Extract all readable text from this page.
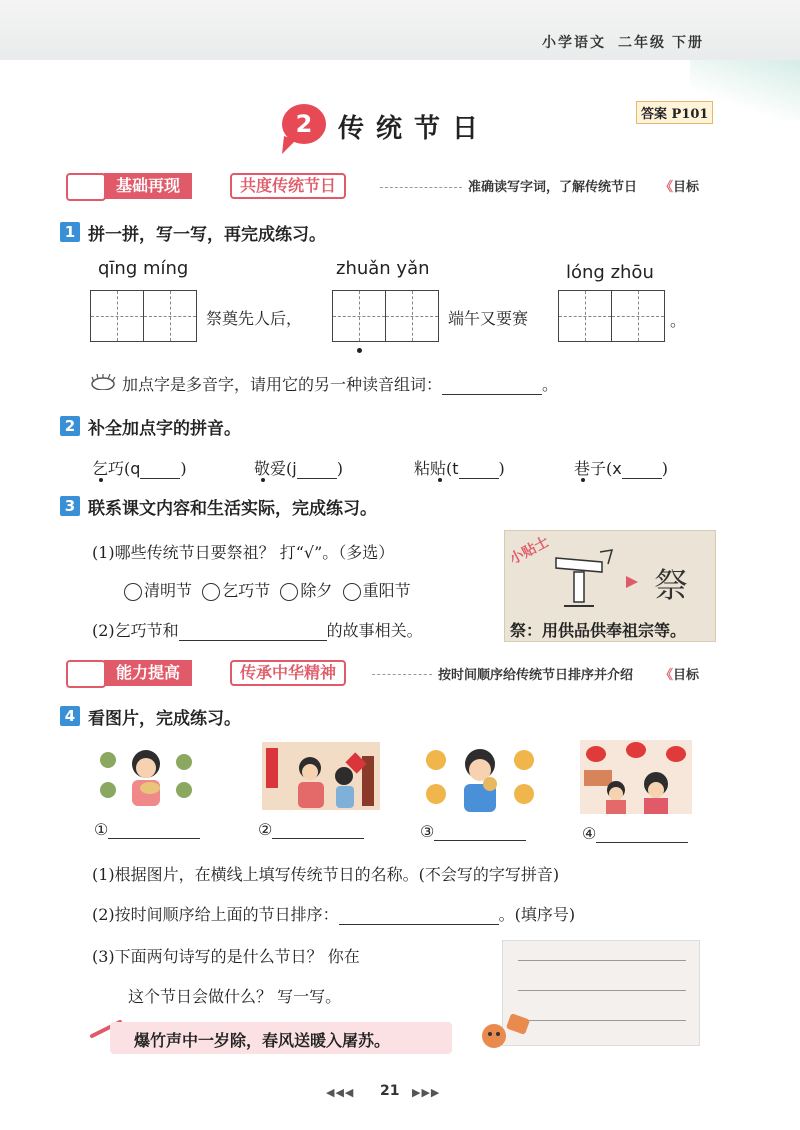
小学语文 二年级 下册
2 传统节日	答案 P101
基础再现	共度传统节日	准确读写字词，了解传统节日 《目标
1 拼一拼，写一写，再完成练习。
qīng míng	zhuǎn yǎn	lóng zhōu
祭奠先人后，	端午又要赛	。
加点字是多音字，请用它的另一种读音组词：	。
2 补全加点字的拼音。
乞巧(q	)	敬爱(j	)	粘贴(t	)	巷子(x	)
3 联系课文内容和生活实际，完成练习。
(1)哪些传统节日要祭祖？ 打“√”。（多选）
清明节 乞巧节 除夕 重阳节
(2)乞巧节和	的故事相关。
小贴士
祭
祭：用供品供奉祖宗等。
能力提高	传承中华精神	按时间顺序给传统节日排序并介绍 《目标
4 看图片，完成练习。
①	②	③	④
(1)根据图片，在横线上填写传统节日的名称。(不会写的字写拼音)
(2)按时间顺序给上面的节日排序：	。(填序号)
(3)下面两句诗写的是什么节日？ 你在
这个节日会做什么？ 写一写。
爆竹声中一岁除，春风送暖入屠苏。
◀◀◀ 21 ▶▶▶
